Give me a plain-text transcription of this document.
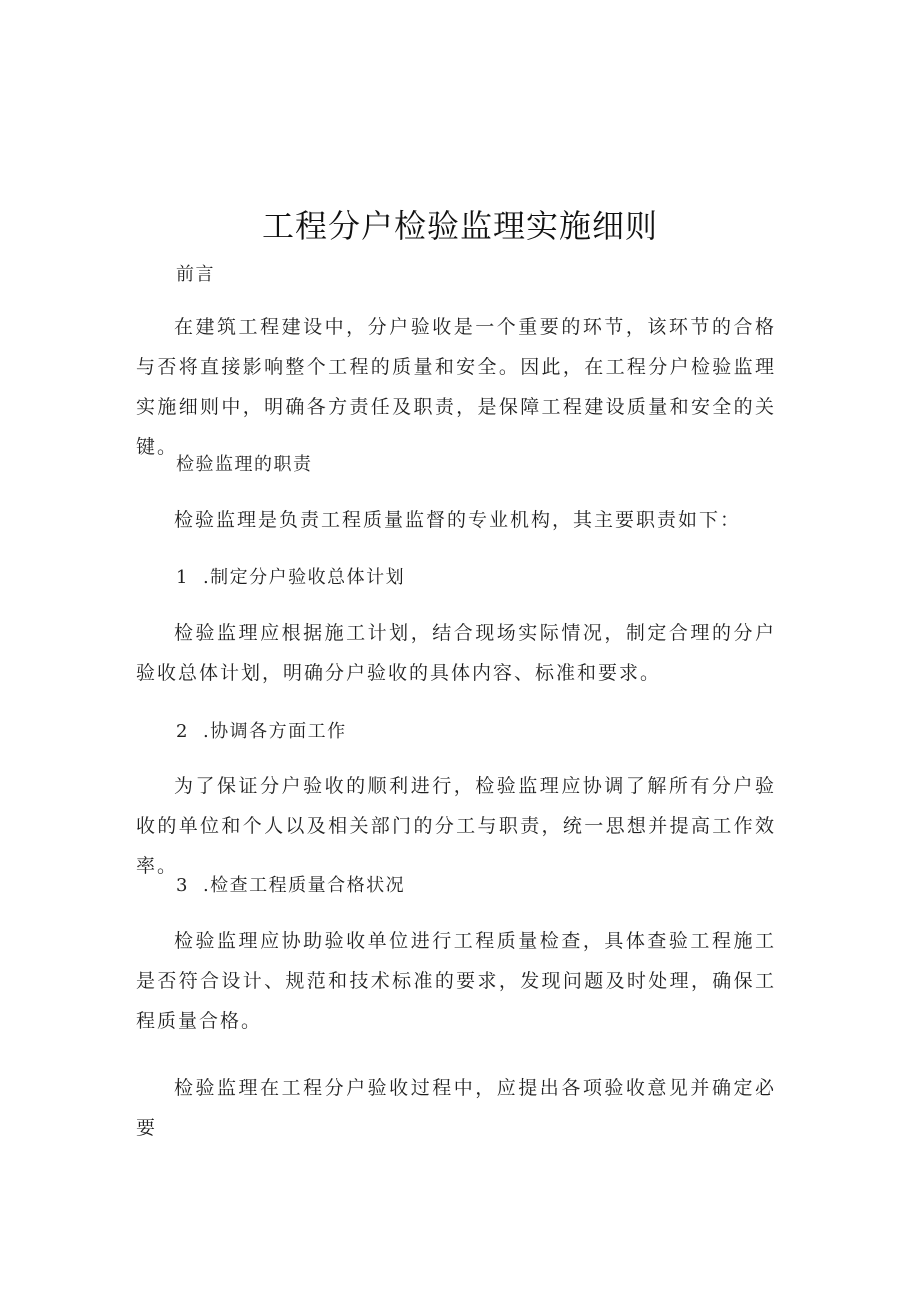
工程分户检验监理实施细则
前言
在建筑工程建设中，分户验收是一个重要的环节，该环节的合格与否将直接影响整个工程的质量和安全。因此，在工程分户检验监理实施细则中，明确各方责任及职责，是保障工程建设质量和安全的关键。
检验监理的职责
检验监理是负责工程质量监督的专业机构，其主要职责如下：
1 .制定分户验收总体计划
检验监理应根据施工计划，结合现场实际情况，制定合理的分户验收总体计划，明确分户验收的具体内容、标准和要求。
2 .协调各方面工作
为了保证分户验收的顺利进行，检验监理应协调了解所有分户验收的单位和个人以及相关部门的分工与职责，统一思想并提高工作效率。
3 .检查工程质量合格状况
检验监理应协助验收单位进行工程质量检查，具体查验工程施工是否符合设计、规范和技术标准的要求，发现问题及时处理，确保工程质量合格。
检验监理在工程分户验收过程中，应提出各项验收意见并确定必要
